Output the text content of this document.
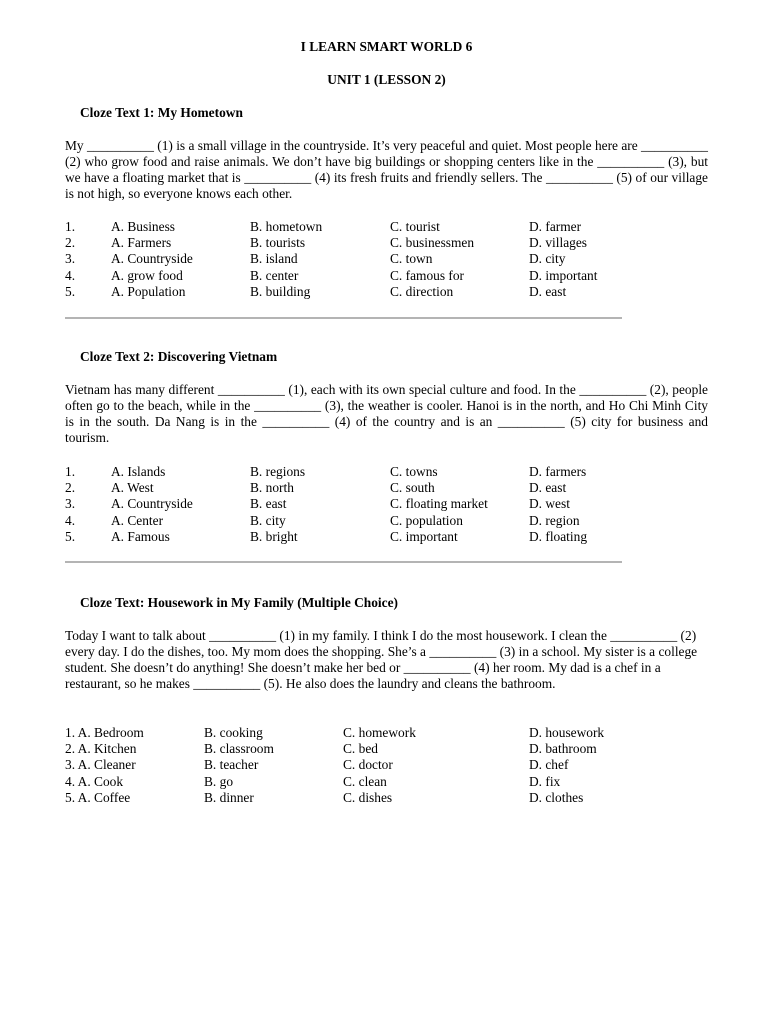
I LEARN SMART WORLD 6
UNIT 1 (LESSON 2)
Cloze Text 1: My Hometown
My __________ (1) is a small village in the countryside. It’s very peaceful and quiet. Most people here are __________ (2) who grow food and raise animals. We don’t have big buildings or shopping centers like in the __________ (3), but we have a floating market that is __________ (4) its fresh fruits and friendly sellers. The __________ (5) of our village is not high, so everyone knows each other.
1.	A. Business	B. hometown	C. tourist	D. farmer
2.	A. Farmers	B. tourists	C. businessmen	D. villages
3.	A. Countryside	B. island	C. town	D. city
4.	A. grow food	B. center	C. famous for	D. important
5.	A. Population	B. building	C. direction	D. east
Cloze Text 2: Discovering Vietnam
Vietnam has many different __________ (1), each with its own special culture and food. In the __________ (2), people often go to the beach, while in the __________ (3), the weather is cooler. Hanoi is in the north, and Ho Chi Minh City is in the south. Da Nang is in the __________ (4) of the country and is an __________ (5) city for business and tourism.
1.	A. Islands	B. regions	C. towns	D. farmers
2.	A. West	B. north	C. south	D. east
3.	A. Countryside	B. east	C. floating market	D. west
4.	A. Center	B. city	C. population	D. region
5.	A. Famous	B. bright	C. important	D. floating
Cloze Text: Housework in My Family (Multiple Choice)
Today I want to talk about __________ (1) in my family. I think I do the most housework. I clean the __________ (2) every day. I do the dishes, too. My mom does the shopping. She’s a __________ (3) in a school. My sister is a college student. She doesn’t do anything! She doesn’t make her bed or __________ (4) her room. My dad is a chef in a restaurant, so he makes __________ (5). He also does the laundry and cleans the bathroom.
1. A. Bedroom	B. cooking	C. homework	D. housework
2. A. Kitchen	B. classroom	C. bed	D. bathroom
3. A. Cleaner	B. teacher	C. doctor	D. chef
4. A. Cook	B. go	C. clean	D. fix
5. A. Coffee	B. dinner	C. dishes	D. clothes
